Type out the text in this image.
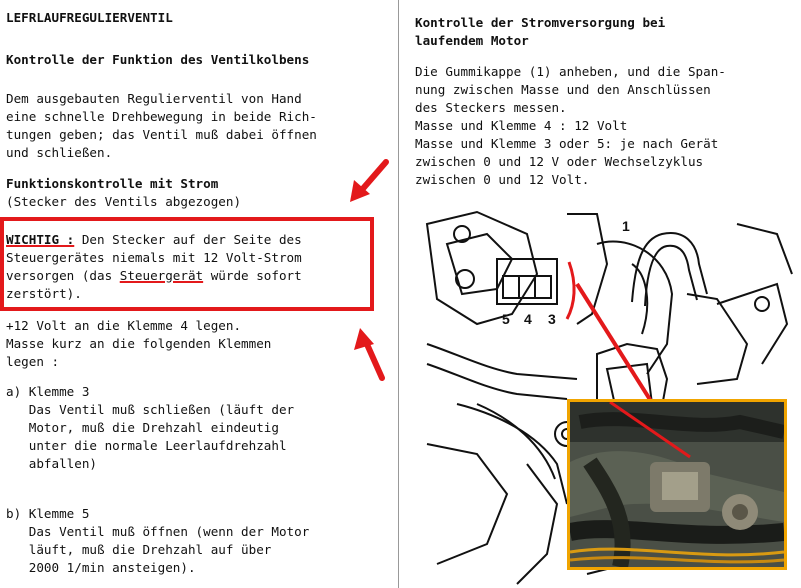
LEFRLAUFREGULIERVENTIL
Kontrolle der Funktion des Ventilkolbens
Dem ausgebauten Regulierventil von Hand
eine schnelle Drehbewegung in beide Rich-
tungen geben; das Ventil muß dabei öffnen
und schließen.
Funktionskontrolle mit Strom
(Stecker des Ventils abgezogen)
WICHTIG : Den Stecker auf der Seite des
Steuergerätes niemals mit 12 Volt-Strom
versorgen (das Steuergerät würde sofort
zerstört).
+12 Volt an die Klemme 4 legen.
Masse kurz an die folgenden Klemmen
legen :
a) Klemme 3
Das Ventil muß schließen (läuft der
Motor, muß die Drehzahl eindeutig
unter die normale Leerlaufdrehzahl
abfallen)
b) Klemme 5
Das Ventil muß öffnen (wenn der Motor
läuft, muß die Drehzahl auf über
2000 1/min ansteigen).
Kontrolle der Stromversorgung bei
laufendem Motor
Die Gummikappe (1) anheben, und die Span-
nung zwischen Masse und den Anschlüssen
des Steckers messen.
Masse und Klemme 4 : 12 Volt
Masse und Klemme 3 oder 5: je nach Gerät
zwischen 0 und 12 V oder Wechselzyklus
zwischen 0 und 12 Volt.
1
5 4 3
